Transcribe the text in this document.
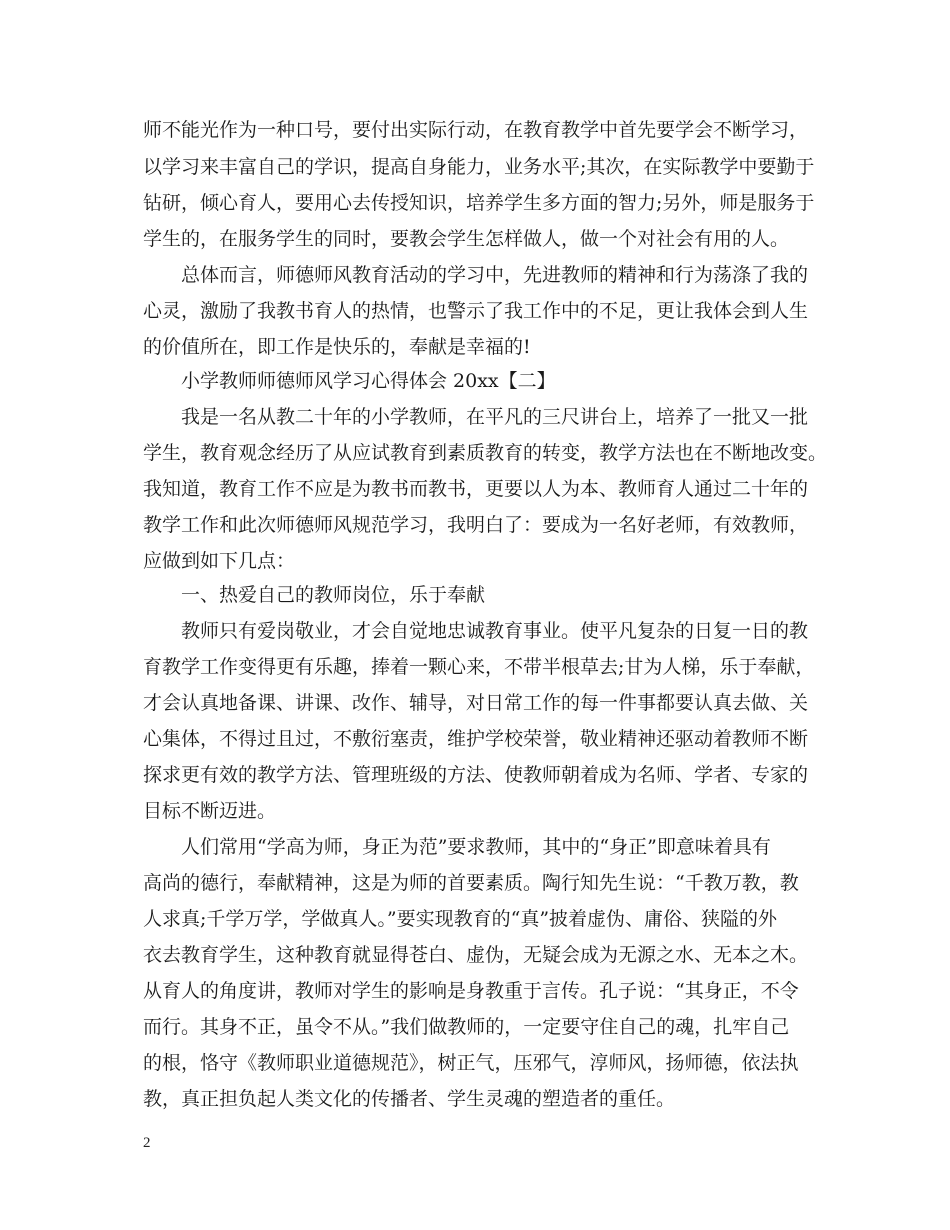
师不能光作为一种口号，要付出实际行动，在教育教学中首先要学会不断学习，
以学习来丰富自己的学识，提高自身能力，业务水平;其次，在实际教学中要勤于
钻研，倾心育人，要用心去传授知识，培养学生多方面的智力;另外，师是服务于
学生的，在服务学生的同时，要教会学生怎样做人，做一个对社会有用的人。
总体而言，师德师风教育活动的学习中，先进教师的精神和行为荡涤了我的
心灵，激励了我教书育人的热情，也警示了我工作中的不足，更让我体会到人生
的价值所在，即工作是快乐的，奉献是幸福的!
小学教师师德师风学习心得体会 20xx【二】
我是一名从教二十年的小学教师，在平凡的三尺讲台上，培养了一批又一批
学生，教育观念经历了从应试教育到素质教育的转变，教学方法也在不断地改变。
我知道，教育工作不应是为教书而教书，更要以人为本、教师育人通过二十年的
教学工作和此次师德师风规范学习，我明白了：要成为一名好老师，有效教师，
应做到如下几点：
一、热爱自己的教师岗位，乐于奉献
教师只有爱岗敬业，才会自觉地忠诚教育事业。使平凡复杂的日复一日的教
育教学工作变得更有乐趣，捧着一颗心来，不带半根草去;甘为人梯，乐于奉献，
才会认真地备课、讲课、改作、辅导，对日常工作的每一件事都要认真去做、关
心集体，不得过且过，不敷衍塞责，维护学校荣誉，敬业精神还驱动着教师不断
探求更有效的教学方法、管理班级的方法、使教师朝着成为名师、学者、专家的
目标不断迈进。
人们常用“学高为师，身正为范”要求教师，其中的“身正”即意味着具有
高尚的德行，奉献精神，这是为师的首要素质。陶行知先生说：“千教万教，教
人求真;千学万学，学做真人。”要实现教育的“真”披着虚伪、庸俗、狭隘的外
衣去教育学生，这种教育就显得苍白、虚伪，无疑会成为无源之水、无本之木。
从育人的角度讲，教师对学生的影响是身教重于言传。孔子说：“其身正，不令
而行。其身不正，虽令不从。”我们做教师的，一定要守住自己的魂，扎牢自己
的根，恪守《教师职业道德规范》，树正气，压邪气，淳师风，扬师德，依法执
教，真正担负起人类文化的传播者、学生灵魂的塑造者的重任。
2
